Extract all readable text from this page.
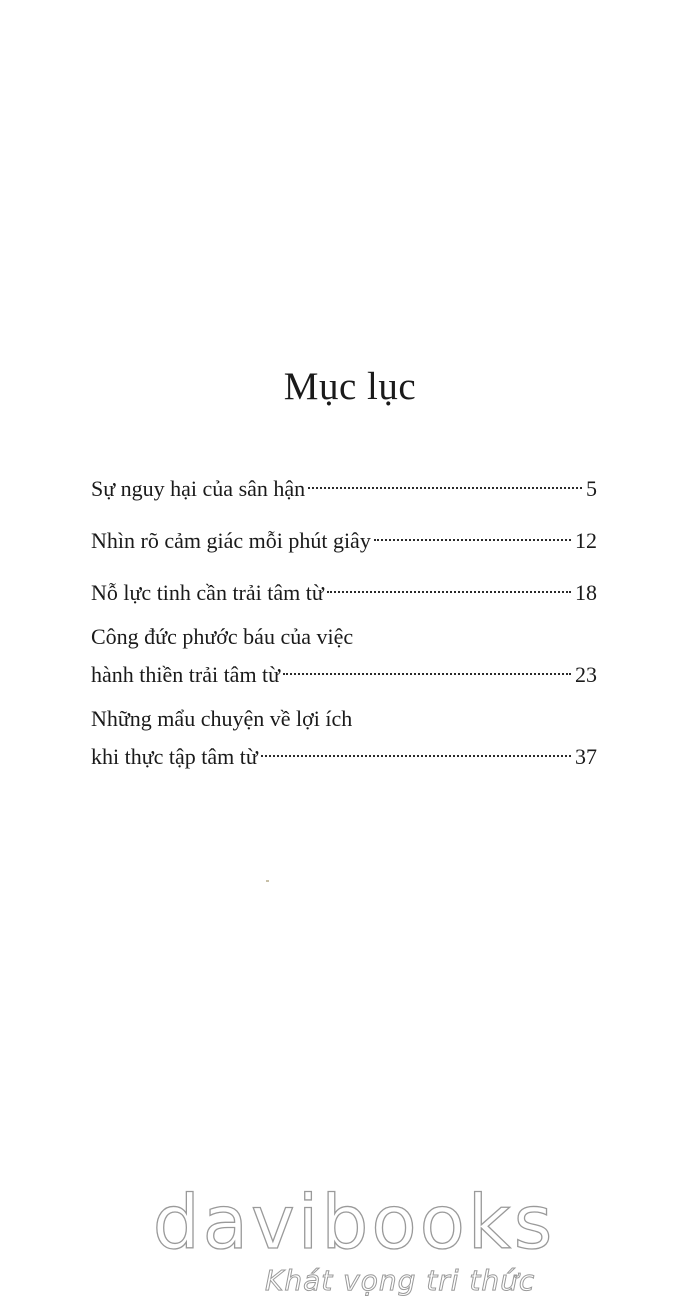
Mục lục
Sự nguy hại của sân hận	5
Nhìn rõ cảm giác mỗi phút giây	12
Nỗ lực tinh cần trải tâm từ	18
Công đức phước báu của việc
hành thiền trải tâm từ	23
Những mẩu chuyện về lợi ích
khi thực tập tâm từ	37
davibooks
Khát vọng tri thức
